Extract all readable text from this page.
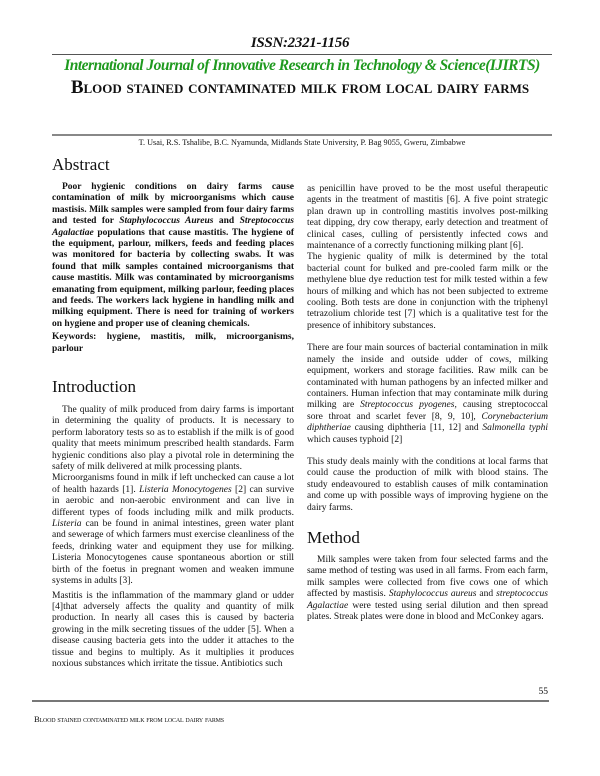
ISSN:2321-1156
International Journal of Innovative Research in Technology & Science(IJIRTS)
Blood stained contaminated milk from local dairy farms
T. Usai, R.S. Tshalibe, B.C. Nyamunda, Midlands State University, P. Bag 9055, Gweru, Zimbabwe
Abstract

Poor hygienic conditions on dairy farms cause contamination of milk by microorganisms which cause mastisis. Milk samples were sampled from four dairy farms and tested for Staphylococcus Aureus and Streptococcus Agalactiae populations that cause mastitis. The hygiene of the equipment, parlour, milkers, feeds and feeding places was monitored for bacteria by collecting swabs. It was found that milk samples contained microorganisms that cause mastitis. Milk was contaminated by microorganisms emanating from equipment, milking parlour, feeding places and feeds. The workers lack hygiene in handling milk and milking equipment. There is need for training of workers on hygiene and proper use of cleaning chemicals.

Keywords: hygiene, mastitis, milk, microorganisms, parlour

Introduction

The quality of milk produced from dairy farms is important in determining the quality of products. It is necessary to perform laboratory tests so as to establish if the milk is of good quality that meets minimum prescribed health standards. Farm hygienic conditions also play a pivotal role in determining the safety of milk delivered at milk processing plants.

Microorganisms found in milk if left unchecked can cause a lot of health hazards [1]. Listeria Monocytogenes [2] can survive in aerobic and non-aerobic environment and can live in different types of foods including milk and milk products. Listeria can be found in animal intestines, green water plant and sewerage of which farmers must exercise cleanliness of the feeds, drinking water and equipment they use for milking. Listeria Monocytogenes cause spontaneous abortion or still birth of the foetus in pregnant women and weaken immune systems in adults [3].

Mastitis is the inflammation of the mammary gland or udder [4]that adversely affects the quality and quantity of milk production. In nearly all cases this is caused by bacteria growing in the milk secreting tissues of the udder [5]. When a disease causing bacteria gets into the udder it attaches to the tissue and begins to multiply. As it multiplies it produces noxious substances which irritate the tissue. Antibiotics such

as penicillin have proved to be the most useful therapeutic agents in the treatment of mastitis [6]. A five point strategic plan drawn up in controlling mastitis involves post-milking teat dipping, dry cow therapy, early detection and treatment of clinical cases, culling of persistently infected cows and maintenance of a correctly functioning milking plant [6].

The hygienic quality of milk is determined by the total bacterial count for bulked and pre-cooled farm milk or the methylene blue dye reduction test for milk tested within a few hours of milking and which has not been subjected to extreme cooling. Both tests are done in conjunction with the triphenyl tetrazolium chloride test [7] which is a qualitative test for the presence of inhibitory substances.

There are four main sources of bacterial contamination in milk namely the inside and outside udder of cows, milking equipment, workers and storage facilities. Raw milk can be contaminated with human pathogens by an infected milker and containers. Human infection that may contaminate milk during milking are Streptococcus pyogenes, causing streptococcal sore throat and scarlet fever [8, 9, 10], Corynebacterium diphtheriae causing diphtheria [11, 12] and Salmonella typhi which causes typhoid [2]

This study deals mainly with the conditions at local farms that could cause the production of milk with blood stains. The study endeavoured to establish causes of milk contamination and come up with possible ways of improving hygiene on the dairy farms.

Method

Milk samples were taken from four selected farms and the same method of testing was used in all farms. From each farm, milk samples were collected from five cows one of which affected by mastisis. Staphylococcus aureus and streptococcus Agalactiae were tested using serial dilution and then spread plates. Streak plates were done in blood and McConkey agars.

55
Blood stained contaminated milk from local dairy farms
